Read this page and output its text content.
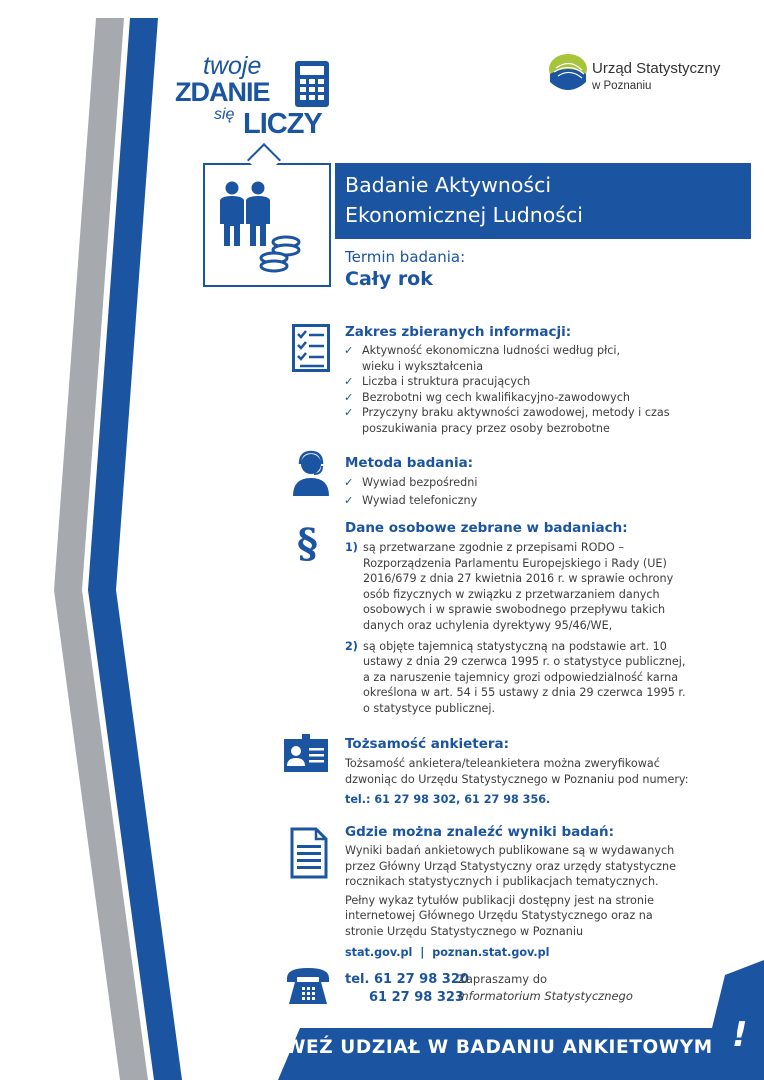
twoje
ZDANIE
się LICZY
Urząd Statystyczny
w Poznaniu
Badanie Aktywności
Ekonomicznej Ludności
Termin badania:
Cały rok
Zakres zbieranych informacji:
✓ Aktywność ekonomiczna ludności według płci,
wieku i wykształcenia
✓ Liczba i struktura pracujących
✓ Bezrobotni wg cech kwalifikacyjno-zawodowych
✓ Przyczyny braku aktywności zawodowej, metody i czas
poszukiwania pracy przez osoby bezrobotne
Metoda badania:
✓ Wywiad bezpośredni
✓ Wywiad telefoniczny
§ Dane osobowe zebrane w badaniach:
1) są przetwarzane zgodnie z przepisami RODO –
Rozporządzenia Parlamentu Europejskiego i Rady (UE)
2016/679 z dnia 27 kwietnia 2016 r. w sprawie ochrony
osób fizycznych w związku z przetwarzaniem danych
osobowych i w sprawie swobodnego przepływu takich
danych oraz uchylenia dyrektywy 95/46/WE,
2) są objęte tajemnicą statystyczną na podstawie art. 10
ustawy z dnia 29 czerwca 1995 r. o statystyce publicznej,
a za naruszenie tajemnicy grozi odpowiedzialność karna
określona w art. 54 i 55 ustawy z dnia 29 czerwca 1995 r.
o statystyce publicznej.
Tożsamość ankietera:
Tożsamość ankietera/teleankietera można zweryfikować
dzwoniąc do Urzędu Statystycznego w Poznaniu pod numery:
tel.: 61 27 98 302, 61 27 98 356.
Gdzie można znaleźć wyniki badań:
Wyniki badań ankietowych publikowane są w wydawanych
przez Główny Urząd Statystyczny oraz urzędy statystyczne
rocznikach statystycznych i publikacjach tematycznych.
Pełny wykaz tytułów publikacji dostępny jest na stronie
internetowej Głównego Urzędu Statystycznego oraz na
stronie Urzędu Statystycznego w Poznaniu
stat.gov.pl | poznan.stat.gov.pl
tel. 61 27 98 320
61 27 98 323
Zapraszamy do
Informatorium Statystycznego
WEŹ UDZIAŁ W BADANIU ANKIETOWYM !
